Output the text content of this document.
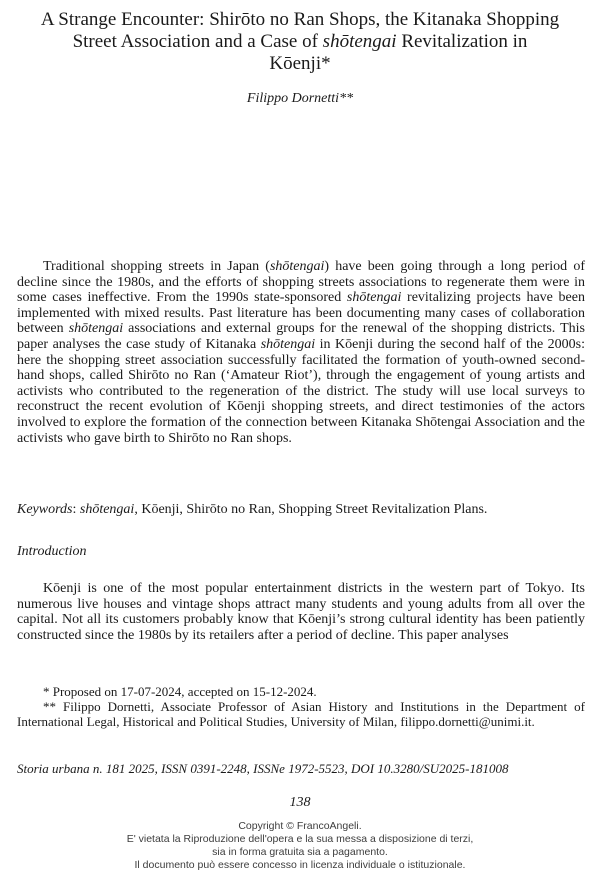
A Strange Encounter: Shirōto no Ran Shops, the Kitanaka Shopping Street Association and a Case of shōtengai Revitalization in Kōenji*
Filippo Dornetti**

Traditional shopping streets in Japan (shōtengai) have been going through a long period of decline since the 1980s, and the efforts of shopping streets associations to regenerate them were in some cases ineffective. From the 1990s state-sponsored shōtengai revitalizing projects have been implemented with mixed results. Past literature has been documenting many cases of collaboration between shōtengai associations and external groups for the renewal of the shopping districts. This paper analyses the case study of Kitanaka shōtengai in Kōenji during the second half of the 2000s: here the shopping street association successfully facilitated the formation of youth-owned second-hand shops, called Shirōto no Ran (‘Amateur Riot’), through the engagement of young artists and activists who contributed to the regeneration of the district. The study will use local surveys to reconstruct the recent evolution of Kōenji shopping streets, and direct testimonies of the actors involved to explore the formation of the connection between Kitanaka Shōtengai Association and the activists who gave birth to Shirōto no Ran shops.

Keywords: shōtengai, Kōenji, Shirōto no Ran, Shopping Street Revitalization Plans.
Introduction
Kōenji is one of the most popular entertainment districts in the western part of Tokyo. Its numerous live houses and vintage shops attract many students and young adults from all over the capital. Not all its customers probably know that Kōenji’s strong cultural identity has been patiently constructed since the 1980s by its retailers after a period of decline. This paper analyses

* Proposed on 17-07-2024, accepted on 15-12-2024.

** Filippo Dornetti, Associate Professor of Asian History and Institutions in the Department of International Legal, Historical and Political Studies, University of Milan, filippo.dornetti@unimi.it.

Storia urbana n. 181 2025, ISSN 0391-2248, ISSNe 1972-5523, DOI 10.3280/SU2025-181008
138
Copyright © FrancoAngeli.
E' vietata la Riproduzione dell'opera e la sua messa a disposizione di terzi,
sia in forma gratuita sia a pagamento.
Il documento può essere concesso in licenza individuale o istituzionale.
